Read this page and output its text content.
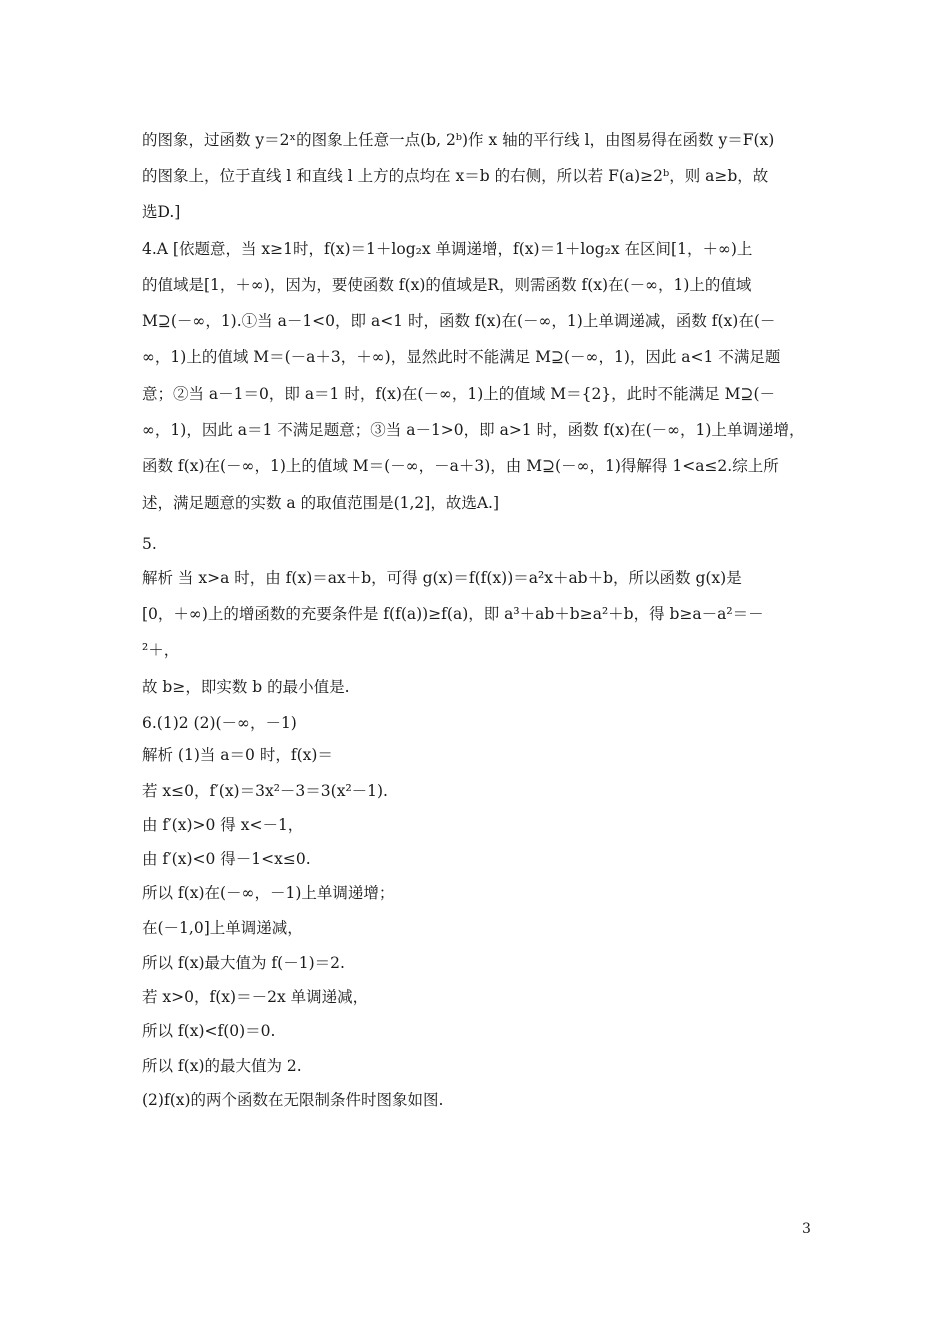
的图象，过函数 y＝2ˣ的图象上任意一点(b, 2ᵇ)作 x 轴的平行线 l，由图易得在函数 y＝F(x)
的图象上，位于直线 l 和直线 l 上方的点均在 x＝b 的右侧，所以若 F(a)≥2ᵇ，则 a≥b，故
选D.]
4.A [依题意，当 x≥1时，f(x)＝1＋log₂x 单调递增，f(x)＝1＋log₂x 在区间[1，＋∞)上
的值域是[1，＋∞)，因为，要使函数 f(x)的值域是R，则需函数 f(x)在(－∞，1)上的值域
M⊇(－∞，1).①当 a－1<0，即 a<1 时，函数 f(x)在(－∞，1)上单调递减，函数 f(x)在(－
∞，1)上的值域 M＝(－a＋3，＋∞)，显然此时不能满足 M⊇(－∞，1)，因此 a<1 不满足题
意；②当 a－1＝0，即 a＝1 时，f(x)在(－∞，1)上的值域 M＝{2}，此时不能满足 M⊇(－
∞，1)，因此 a＝1 不满足题意；③当 a－1>0，即 a>1 时，函数 f(x)在(－∞，1)上单调递增，
函数 f(x)在(－∞，1)上的值域 M＝(－∞，－a＋3)，由 M⊇(－∞，1)得解得 1<a≤2.综上所
述，满足题意的实数 a 的取值范围是(1,2]，故选A.]
5.
解析 当 x>a 时，由 f(x)＝ax＋b，可得 g(x)＝f(f(x))＝a²x＋ab＋b，所以函数 g(x)是
[0，＋∞)上的增函数的充要条件是 f(f(a))≥f(a)，即 a³＋ab＋b≥a²＋b，得 b≥a－a²＝－
²＋，
故 b≥，即实数 b 的最小值是.
6.(1)2 (2)(－∞，－1)
解析 (1)当 a＝0 时，f(x)＝
若 x≤0，f′(x)＝3x²－3＝3(x²－1).
由 f′(x)>0 得 x<－1，
由 f′(x)<0 得－1<x≤0.
所以 f(x)在(－∞，－1)上单调递增；
在(－1,0]上单调递减，
所以 f(x)最大值为 f(－1)＝2.
若 x>0，f(x)＝－2x 单调递减，
所以 f(x)<f(0)＝0.
所以 f(x)的最大值为 2.
(2)f(x)的两个函数在无限制条件时图象如图.
3
